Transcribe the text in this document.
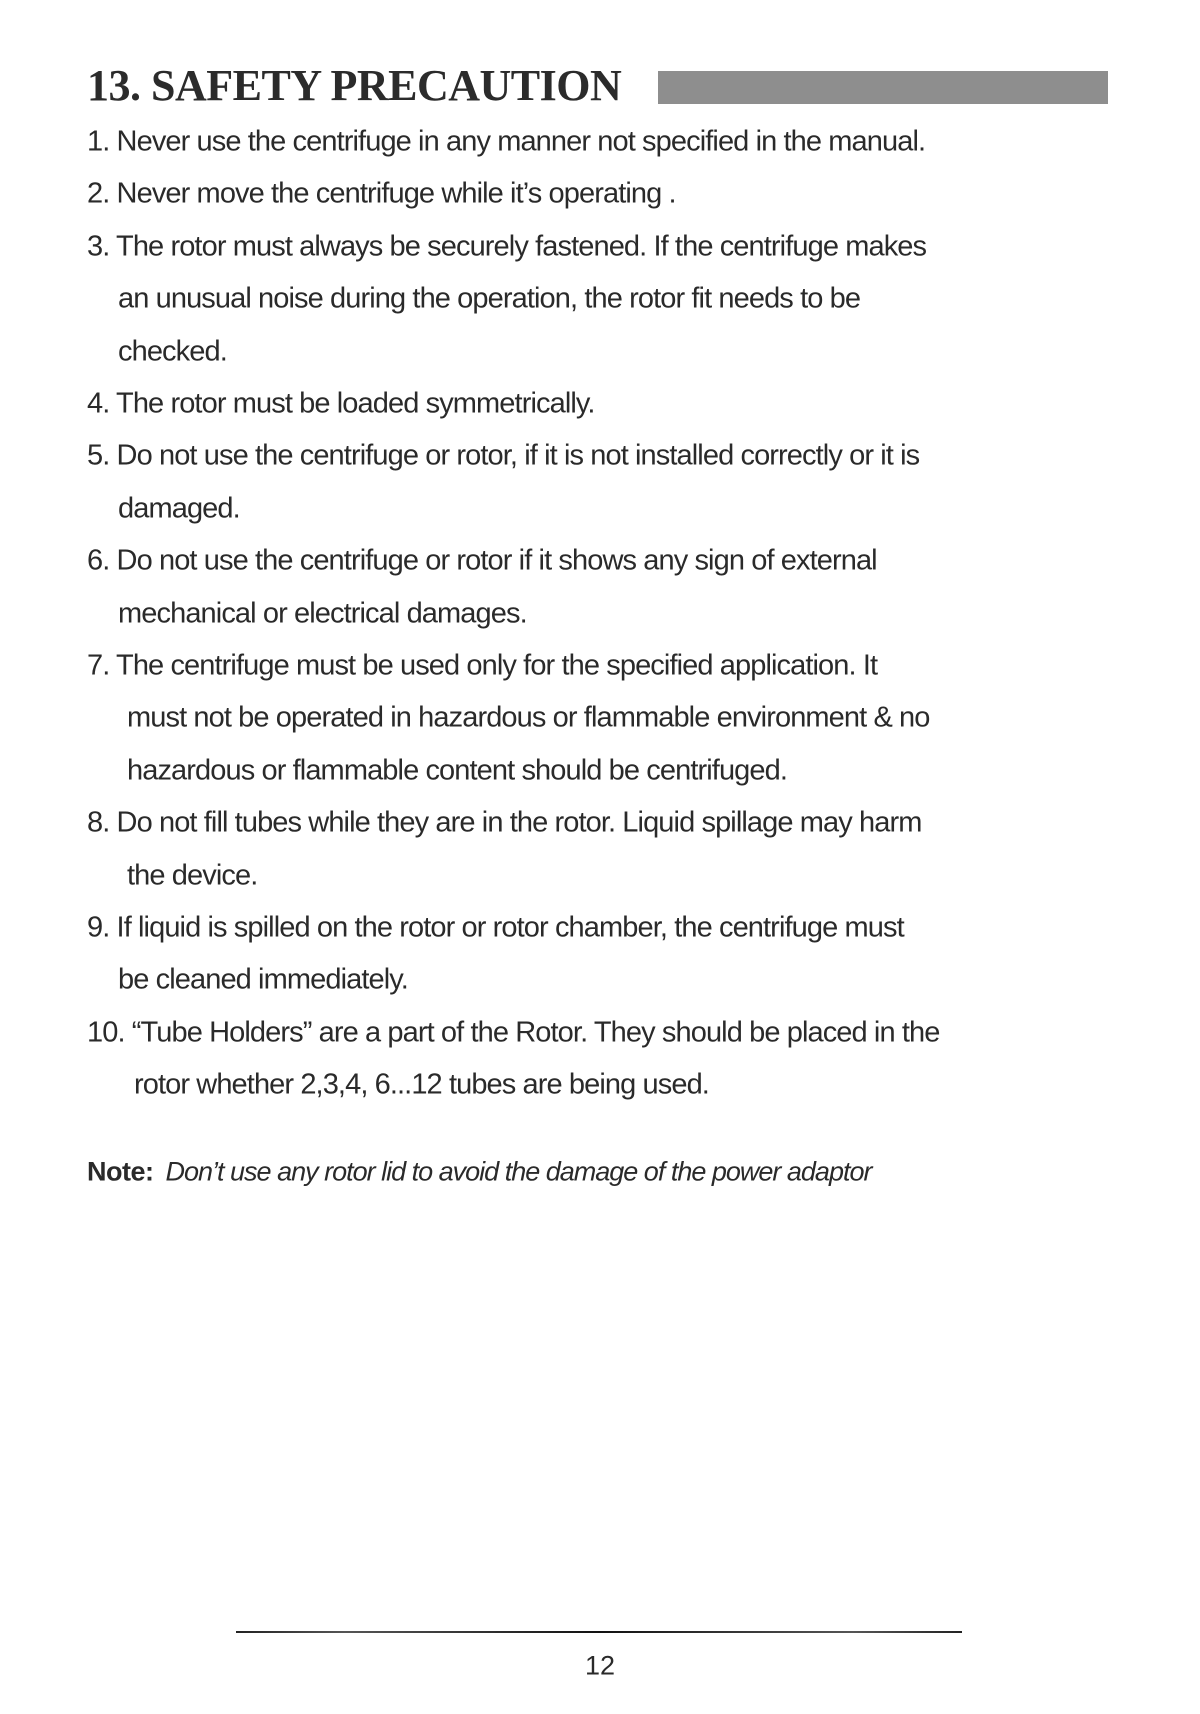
13. SAFETY PRECAUTION
1. Never use the centrifuge in any manner not specified in the manual.
2. Never move the centrifuge while it’s operating .
3. The rotor must always be securely fastened. If the centrifuge makes
an unusual noise during the operation, the rotor fit needs to be
checked.
4. The rotor must be loaded symmetrically.
5. Do not use the centrifuge or rotor, if it is not installed correctly or it is
damaged.
6. Do not use the centrifuge or rotor if it shows any sign of external
mechanical or electrical damages.
7. The centrifuge must be used only for the specified application. It
must not be operated in hazardous or flammable environment & no
hazardous or flammable content should be centrifuged.
8. Do not fill tubes while they are in the rotor. Liquid spillage may harm
the device.
9. If liquid is spilled on the rotor or rotor chamber, the centrifuge must
be cleaned immediately.
10. “Tube Holders” are a part of the Rotor. They should be placed in the
rotor whether 2,3,4, 6...12 tubes are being used.
Note: Don’t use any rotor lid to avoid the damage of the power adaptor
12
